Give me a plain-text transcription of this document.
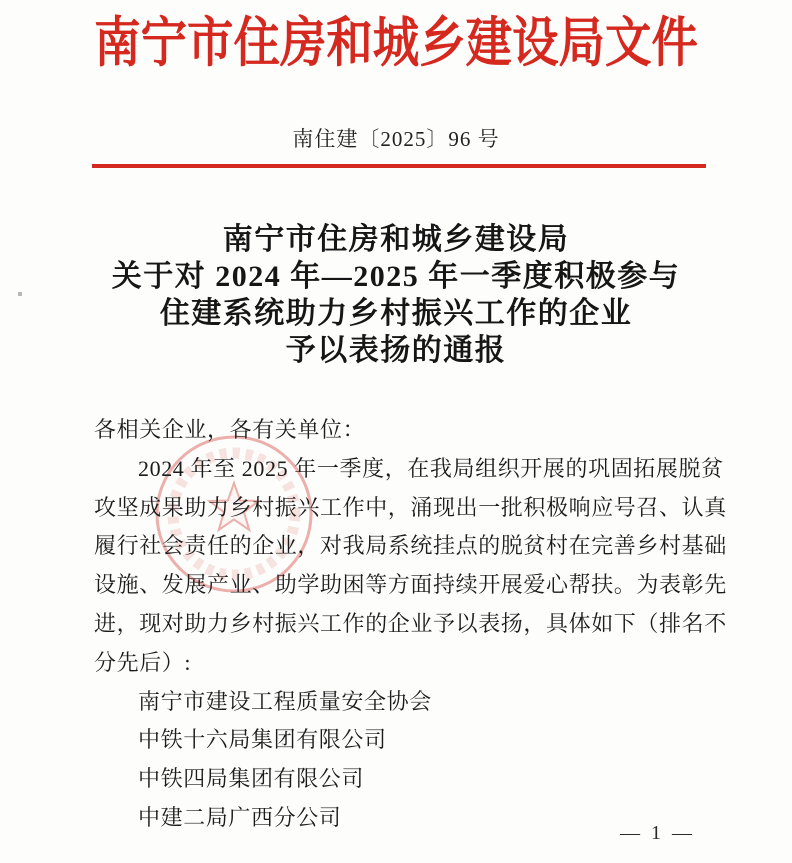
南宁市住房和城乡建设局文件
南住建〔2025〕96 号
南宁市住房和城乡建设局
关于对 2024 年—2025 年一季度积极参与
住建系统助力乡村振兴工作的企业
予以表扬的通报
各相关企业，各有关单位：
2024 年至 2025 年一季度，在我局组织开展的巩固拓展脱贫
攻坚成果助力乡村振兴工作中，涌现出一批积极响应号召、认真
履行社会责任的企业，对我局系统挂点的脱贫村在完善乡村基础
设施、发展产业、助学助困等方面持续开展爱心帮扶。为表彰先
进，现对助力乡村振兴工作的企业予以表扬，具体如下（排名不
分先后）:
南宁市建设工程质量安全协会
中铁十六局集团有限公司
中铁四局集团有限公司
中建二局广西分公司
— 1 —
